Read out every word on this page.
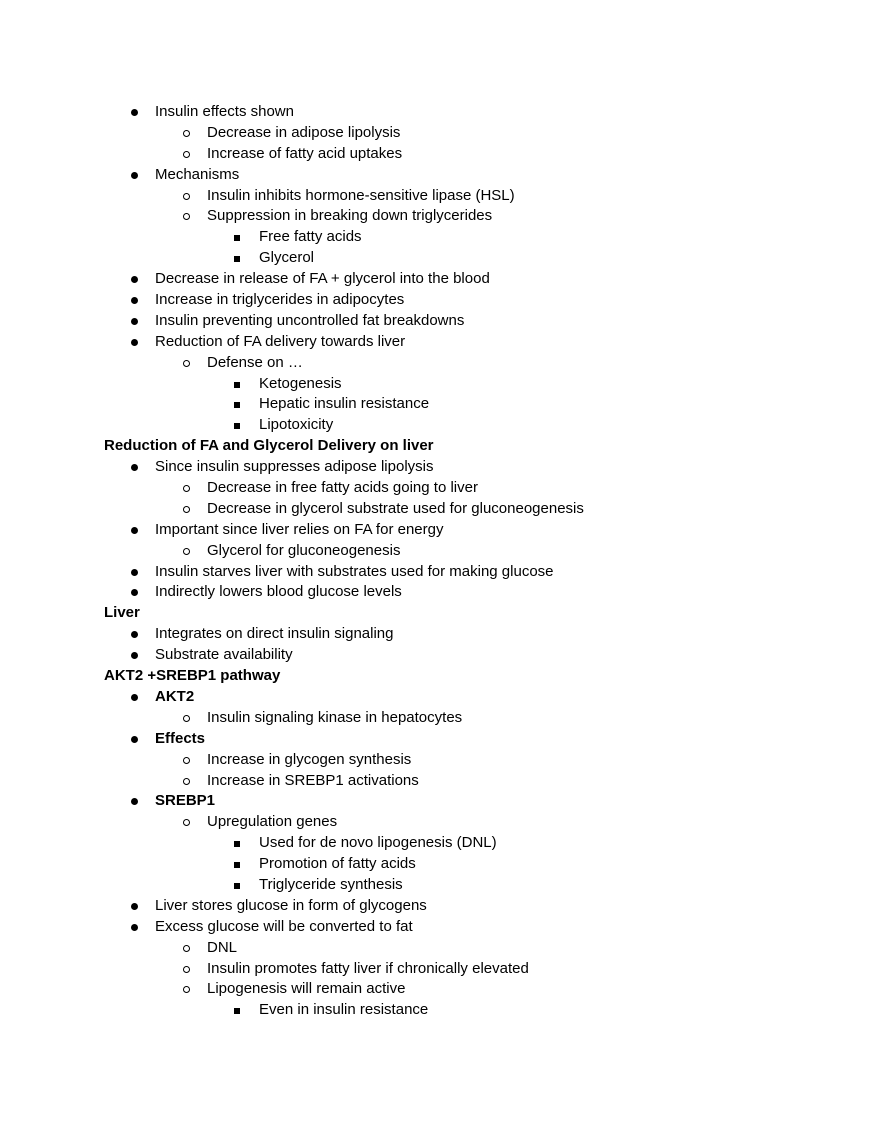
Insulin effects shown
Decrease in adipose lipolysis
Increase of fatty acid uptakes
Mechanisms
Insulin inhibits hormone-sensitive lipase (HSL)
Suppression in breaking down triglycerides
Free fatty acids
Glycerol
Decrease in release of FA + glycerol into the blood
Increase in triglycerides in adipocytes
Insulin preventing uncontrolled fat breakdowns
Reduction of FA delivery towards liver
Defense on …
Ketogenesis
Hepatic insulin resistance
Lipotoxicity
Reduction of FA and Glycerol Delivery on liver
Since insulin suppresses adipose lipolysis
Decrease in free fatty acids going to liver
Decrease in glycerol substrate used for gluconeogenesis
Important since liver relies on FA for energy
Glycerol for gluconeogenesis
Insulin starves liver with substrates used for making glucose
Indirectly lowers blood glucose levels
Liver
Integrates on direct insulin signaling
Substrate availability
AKT2 +SREBP1 pathway
AKT2
Insulin signaling kinase in hepatocytes
Effects
Increase in glycogen synthesis
Increase in SREBP1 activations
SREBP1
Upregulation genes
Used for de novo lipogenesis (DNL)
Promotion of fatty acids
Triglyceride synthesis
Liver stores glucose in form of glycogens
Excess glucose will be converted to fat
DNL
Insulin promotes fatty liver if chronically elevated
Lipogenesis will remain active
Even in insulin resistance
